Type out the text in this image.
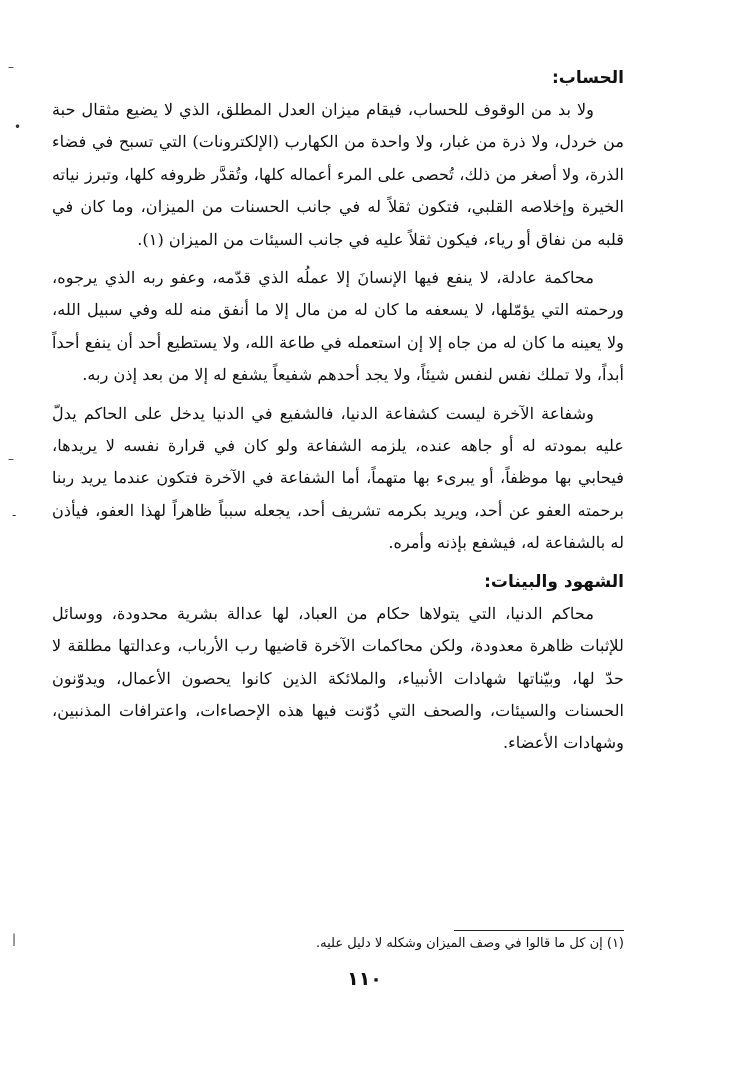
الحساب:

ولا بد من الوقوف للحساب، فيقام ميزان العدل المطلق، الذي لا يضيع مثقال حبة من خردل، ولا ذرة من غبار، ولا واحدة من الكهارب (الإلكترونات) التي تسبح في فضاء الذرة، ولا أصغر من ذلك، تُحصى على المرء أعماله كلها، وتُقدَّر ظروفه كلها، وتبرز نياته الخيرة وإخلاصه القلبي، فتكون ثقلاً له في جانب الحسنات من الميزان، وما كان في قلبه من نفاق أو رياء، فيكون ثقلاً عليه في جانب السيئات من الميزان (١).

محاكمة عادلة، لا ينفع فيها الإنسانَ إلا عملُه الذي قدّمه، وعفو ربه الذي يرجوه، ورحمته التي يؤمّلها، لا يسعفه ما كان له من مال إلا ما أنفق منه لله وفي سبيل الله، ولا يعينه ما كان له من جاه إلا إن استعمله في طاعة الله، ولا يستطيع أحد أن ينفع أحداً أبداً، ولا تملك نفس لنفس شيئاً، ولا يجد أحدهم شفيعاً يشفع له إلا من بعد إذن ربه.

وشفاعة الآخرة ليست كشفاعة الدنيا، فالشفيع في الدنيا يدخل على الحاكم يدلّ عليه بمودته له أو جاهه عنده، يلزمه الشفاعة ولو كان في قرارة نفسه لا يريدها، فيحابي بها موظفاً، أو يبرىء بها متهماً، أما الشفاعة في الآخرة فتكون عندما يريد ربنا برحمته العفو عن أحد، ويريد بكرمه تشريف أحد، يجعله سبباً ظاهراً لهذا العفو، فيأذن له بالشفاعة له، فيشفع بإذنه وأمره.

الشهود والبينات:

محاكم الدنيا، التي يتولاها حكام من العباد، لها عدالة بشرية محدودة، ووسائل للإثبات ظاهرة معدودة، ولكن محاكمات الآخرة قاضيها رب الأرباب، وعدالتها مطلقة لا حدّ لها، وبيّناتها شهادات الأنبياء، والملائكة الذين كانوا يحصون الأعمال، ويدوّنون الحسنات والسيئات، والصحف التي دُوّنت فيها هذه الإحصاءات، واعترافات المذنبين، وشهادات الأعضاء.

(١) إن كل ما قالوا في وصف الميزان وشكله لا دليل عليه.
١١٠
–
•
–
-
|
